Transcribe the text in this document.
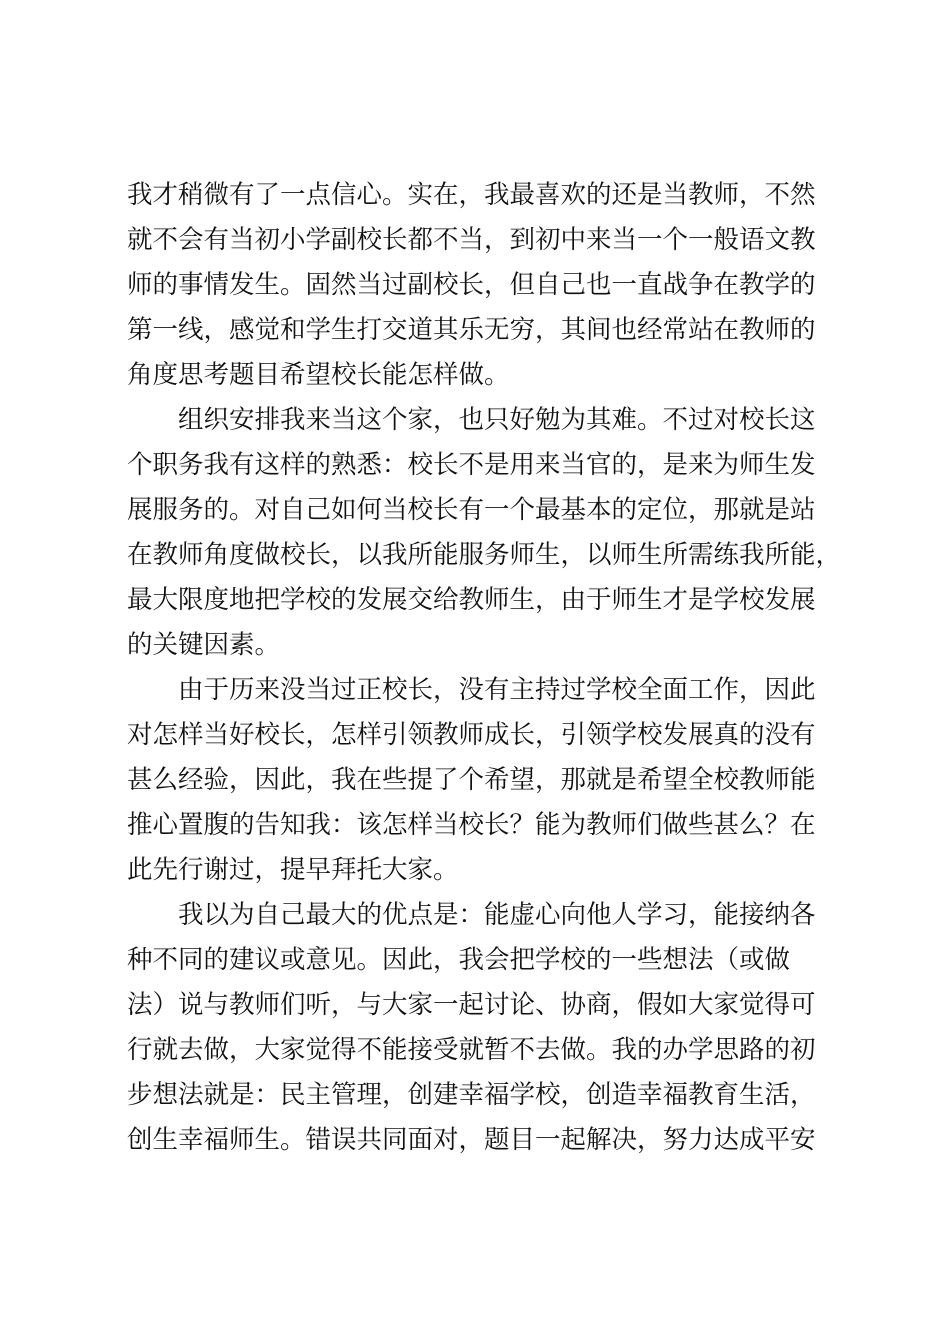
我才稍微有了一点信心。实在，我最喜欢的还是当教师，不然
就不会有当初小学副校长都不当，到初中来当一个一般语文教
师的事情发生。固然当过副校长，但自己也一直战争在教学的
第一线，感觉和学生打交道其乐无穷，其间也经常站在教师的
角度思考题目希望校长能怎样做。
组织安排我来当这个家，也只好勉为其难。不过对校长这
个职务我有这样的熟悉：校长不是用来当官的，是来为师生发
展服务的。对自己如何当校长有一个最基本的定位，那就是站
在教师角度做校长，以我所能服务师生，以师生所需练我所能，
最大限度地把学校的发展交给教师生，由于师生才是学校发展
的关键因素。
由于历来没当过正校长，没有主持过学校全面工作，因此
对怎样当好校长，怎样引领教师成长，引领学校发展真的没有
甚么经验，因此，我在些提了个希望，那就是希望全校教师能
推心置腹的告知我：该怎样当校长？能为教师们做些甚么？在
此先行谢过，提早拜托大家。
我以为自己最大的优点是：能虚心向他人学习，能接纳各
种不同的建议或意见。因此，我会把学校的一些想法（或做
法）说与教师们听，与大家一起讨论、协商，假如大家觉得可
行就去做，大家觉得不能接受就暂不去做。我的办学思路的初
步想法就是：民主管理，创建幸福学校，创造幸福教育生活，
创生幸福师生。错误共同面对，题目一起解决，努力达成平安
